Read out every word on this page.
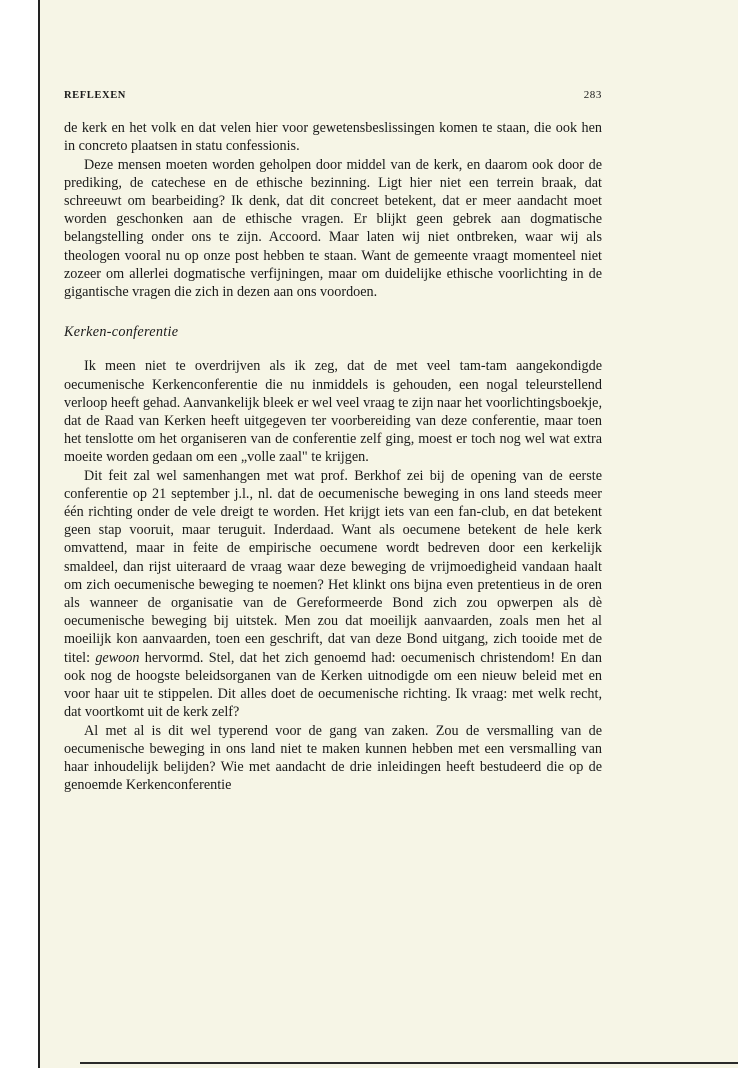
REFLEXEN	283

de kerk en het volk en dat velen hier voor gewetensbeslissingen komen te staan, die ook hen in concreto plaatsen in statu confessionis.

Deze mensen moeten worden geholpen door middel van de kerk, en daarom ook door de prediking, de catechese en de ethische bezinning. Ligt hier niet een terrein braak, dat schreeuwt om bearbeiding? Ik denk, dat dit concreet betekent, dat er meer aandacht moet worden geschonken aan de ethische vragen. Er blijkt geen gebrek aan dogmatische belangstelling onder ons te zijn. Accoord. Maar laten wij niet ontbreken, waar wij als theologen vooral nu op onze post hebben te staan. Want de gemeente vraagt momenteel niet zozeer om allerlei dogmatische verfijningen, maar om duidelijke ethische voorlichting in de gigantische vragen die zich in dezen aan ons voordoen.

Kerken-conferentie

Ik meen niet te overdrijven als ik zeg, dat de met veel tam-tam aangekondigde oecumenische Kerkenconferentie die nu inmiddels is gehouden, een nogal teleurstellend verloop heeft gehad. Aanvankelijk bleek er wel veel vraag te zijn naar het voorlichtingsboekje, dat de Raad van Kerken heeft uitgegeven ter voorbereiding van deze conferentie, maar toen het tenslotte om het organiseren van de conferentie zelf ging, moest er toch nog wel wat extra moeite worden gedaan om een „volle zaal" te krijgen.

Dit feit zal wel samenhangen met wat prof. Berkhof zei bij de opening van de eerste conferentie op 21 september j.l., nl. dat de oecumenische beweging in ons land steeds meer één richting onder de vele dreigt te worden. Het krijgt iets van een fan-club, en dat betekent geen stap vooruit, maar teruguit. Inderdaad. Want als oecumene betekent de hele kerk omvattend, maar in feite de empirische oecumene wordt bedreven door een kerkelijk smaldeel, dan rijst uiteraard de vraag waar deze beweging de vrijmoedigheid vandaan haalt om zich oecumenische beweging te noemen? Het klinkt ons bijna even pretentieus in de oren als wanneer de organisatie van de Gereformeerde Bond zich zou opwerpen als dè oecumenische beweging bij uitstek. Men zou dat moeilijk aanvaarden, zoals men het al moeilijk kon aanvaarden, toen een geschrift, dat van deze Bond uitgang, zich tooide met de titel: gewoon hervormd. Stel, dat het zich genoemd had: oecumenisch christendom! En dan ook nog de hoogste beleidsorganen van de Kerken uitnodigde om een nieuw beleid met en voor haar uit te stippelen. Dit alles doet de oecumenische richting. Ik vraag: met welk recht, dat voortkomt uit de kerk zelf?

Al met al is dit wel typerend voor de gang van zaken. Zou de versmalling van de oecumenische beweging in ons land niet te maken kunnen hebben met een versmalling van haar inhoudelijk belijden? Wie met aandacht de drie inleidingen heeft bestudeerd die op de genoemde Kerkenconferentie
